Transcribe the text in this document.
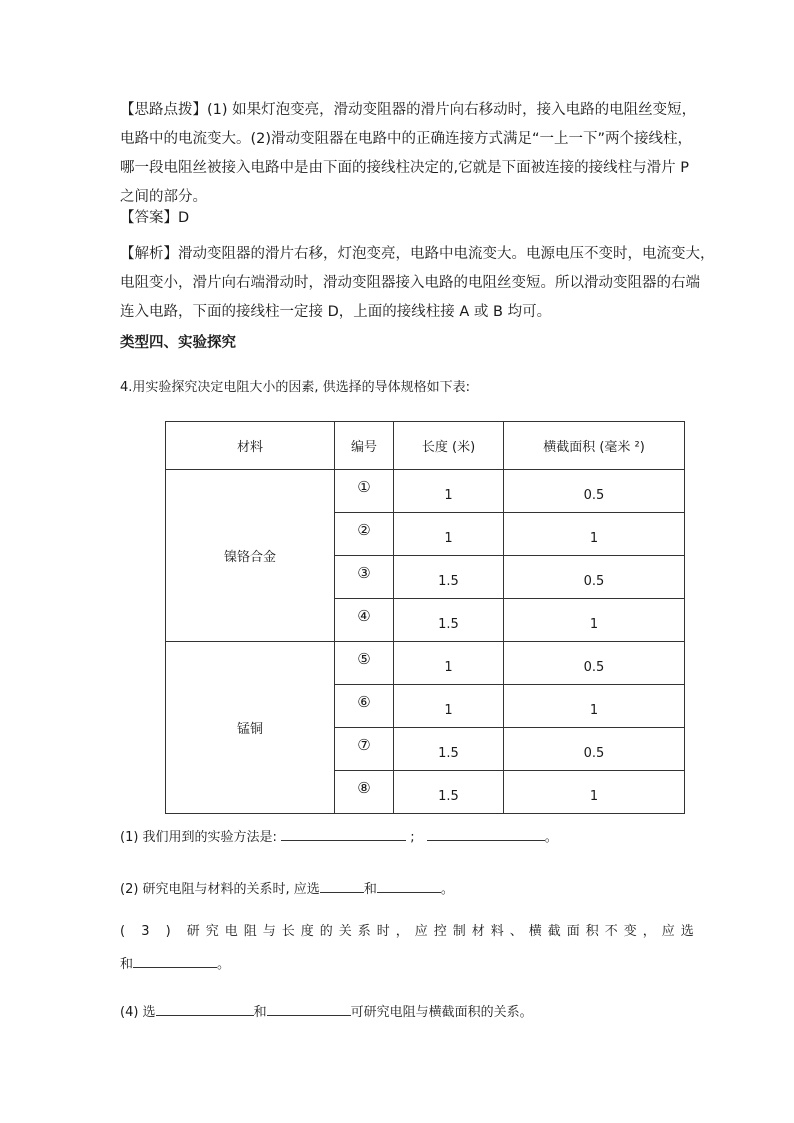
【思路点拨】(1) 如果灯泡变亮，滑动变阻器的滑片向右移动时，接入电路的电阻丝变短，
电路中的电流变大。(2)滑动变阻器在电路中的正确连接方式满足“一上一下”两个接线柱，
哪一段电阻丝被接入电路中是由下面的接线柱决定的,它就是下面被连接的接线柱与滑片 P
之间的部分。
【答案】D
【解析】滑动变阻器的滑片右移，灯泡变亮，电路中电流变大。电源电压不变时，电流变大，
电阻变小，滑片向右端滑动时，滑动变阻器接入电路的电阻丝变短。所以滑动变阻器的右端
连入电路，下面的接线柱一定接 D，上面的接线柱接 A 或 B 均可。
类型四、实验探究
4.用实验探究决定电阻大小的因素, 供选择的导体规格如下表:
材料	编号	长度 (米)	横截面积 (毫米 ²)
镍铬合金	①	1	0.5
	②	1	1
	③	1.5	0.5
	④	1.5	1
锰铜	⑤	1	0.5
	⑥	1	1
	⑦	1.5	0.5
	⑧	1.5	1
(1) 我们用到的实验方法是:	;	。
(2) 研究电阻与材料的关系时, 应选	和	。
( 3 ) 研究电阻与长度的关系时，应控制材料、横截面积不变，应选
和	。
(4) 选	和	可研究电阻与横截面积的关系。
